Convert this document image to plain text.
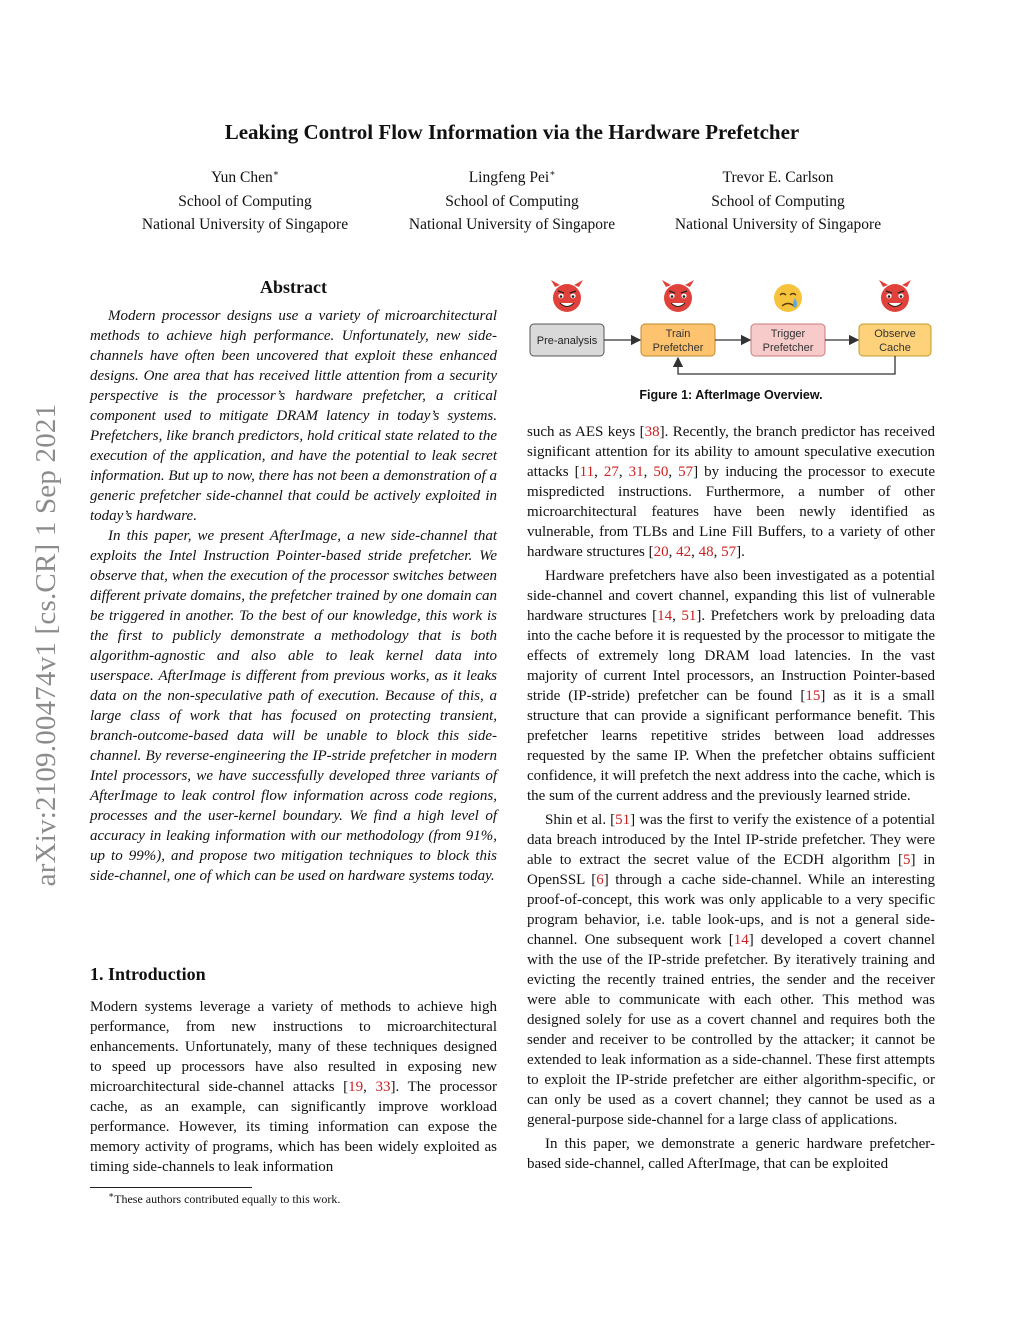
Leaking Control Flow Information via the Hardware Prefetcher
Yun Chen∗
School of Computing
National University of Singapore
Lingfeng Pei∗
School of Computing
National University of Singapore
Trevor E. Carlson
School of Computing
National University of Singapore
arXiv:2109.00474v1 [cs.CR] 1 Sep 2021
Abstract

Modern processor designs use a variety of microarchitectural methods to achieve high performance. Unfortunately, new side-channels have often been uncovered that exploit these enhanced designs. One area that has received little attention from a security perspective is the processor’s hardware prefetcher, a critical component used to mitigate DRAM latency in today’s systems. Prefetchers, like branch predictors, hold critical state related to the execution of the application, and have the potential to leak secret information. But up to now, there has not been a demonstration of a generic prefetcher side-channel that could be actively exploited in today’s hardware.

In this paper, we present AfterImage, a new side-channel that exploits the Intel Instruction Pointer-based stride prefetcher. We observe that, when the execution of the processor switches between different private domains, the prefetcher trained by one domain can be triggered in another. To the best of our knowledge, this work is the first to publicly demonstrate a methodology that is both algorithm-agnostic and also able to leak kernel data into userspace. AfterImage is different from previous works, as it leaks data on the non-speculative path of execution. Because of this, a large class of work that has focused on protecting transient, branch-outcome-based data will be unable to block this side-channel. By reverse-engineering the IP-stride prefetcher in modern Intel processors, we have successfully developed three variants of AfterImage to leak control flow information across code regions, processes and the user-kernel boundary. We find a high level of accuracy in leaking information with our methodology (from 91%, up to 99%), and propose two mitigation techniques to block this side-channel, one of which can be used on hardware systems today.

1. Introduction

Modern systems leverage a variety of methods to achieve high performance, from new instructions to microarchitectural enhancements. Unfortunately, many of these techniques designed to speed up processors have also resulted in exposing new microarchitectural side-channel attacks [19, 33]. The processor cache, as an example, can significantly improve workload performance. However, its timing information can expose the memory activity of programs, which has been widely exploited as timing side-channels to leak information

∗These authors contributed equally to this work.
Pre-analysis
Train
Prefetcher
Trigger
Prefetcher
Observe
Cache
Figure 1: AfterImage Overview.

such as AES keys [38]. Recently, the branch predictor has received significant attention for its ability to amount speculative execution attacks [11, 27, 31, 50, 57] by inducing the processor to execute mispredicted instructions. Furthermore, a number of other microarchitectural features have been newly identified as vulnerable, from TLBs and Line Fill Buffers, to a variety of other hardware structures [20, 42, 48, 57].

Hardware prefetchers have also been investigated as a potential side-channel and covert channel, expanding this list of vulnerable hardware structures [14, 51]. Prefetchers work by preloading data into the cache before it is requested by the processor to mitigate the effects of extremely long DRAM load latencies. In the vast majority of current Intel processors, an Instruction Pointer-based stride (IP-stride) prefetcher can be found [15] as it is a small structure that can provide a significant performance benefit. This prefetcher learns repetitive strides between load addresses requested by the same IP. When the prefetcher obtains sufficient confidence, it will prefetch the next address into the cache, which is the sum of the current address and the previously learned stride.

Shin et al. [51] was the first to verify the existence of a potential data breach introduced by the Intel IP-stride prefetcher. They were able to extract the secret value of the ECDH algorithm [5] in OpenSSL [6] through a cache side-channel. While an interesting proof-of-concept, this work was only applicable to a very specific program behavior, i.e. table look-ups, and is not a general side-channel. One subsequent work [14] developed a covert channel with the use of the IP-stride prefetcher. By iteratively training and evicting the recently trained entries, the sender and the receiver were able to communicate with each other. This method was designed solely for use as a covert channel and requires both the sender and receiver to be controlled by the attacker; it cannot be extended to leak information as a side-channel. These first attempts to exploit the IP-stride prefetcher are either algorithm-specific, or can only be used as a covert channel; they cannot be used as a general-purpose side-channel for a large class of applications.

In this paper, we demonstrate a generic hardware prefetcher-based side-channel, called AfterImage, that can be exploited
